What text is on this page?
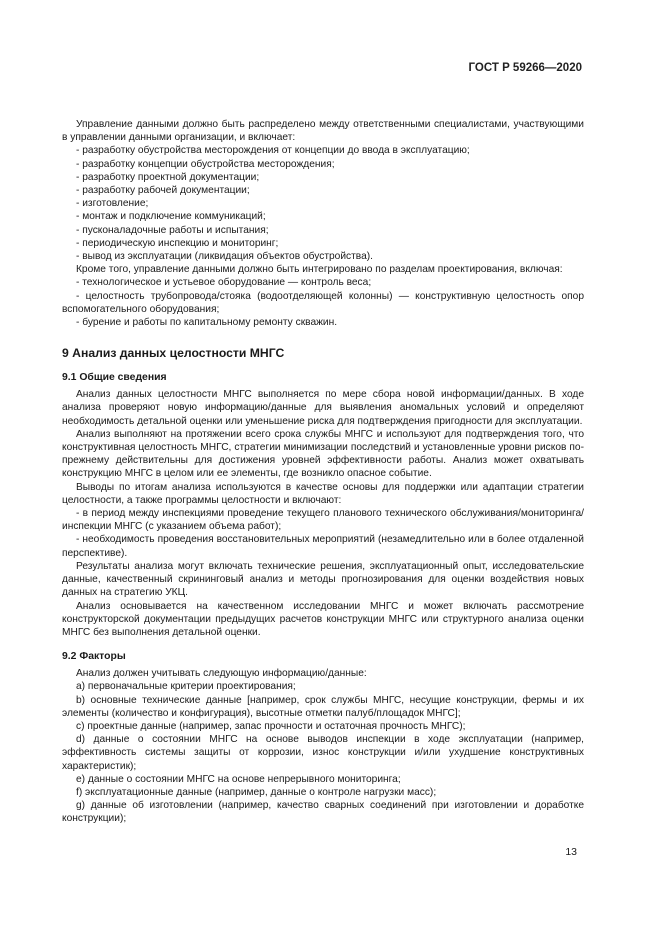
ГОСТ Р 59266—2020

Управление данными должно быть распределено между ответственными специалистами, участвующими в управлении данными организации, и включает:

- разработку обустройства месторождения от концепции до ввода в эксплуатацию;

- разработку концепции обустройства месторождения;

- разработку проектной документации;

- разработку рабочей документации;

- изготовление;

- монтаж и подключение коммуникаций;

- пусконаладочные работы и испытания;

- периодическую инспекцию и мониторинг;

- вывод из эксплуатации (ликвидация объектов обустройства).

Кроме того, управление данными должно быть интегрировано по разделам проектирования, включая:

- технологическое и устьевое оборудование — контроль веса;

- целостность трубопровода/стояка (водоотделяющей колонны) — конструктивную целостность опор вспомогательного оборудования;

- бурение и работы по капитальному ремонту скважин.

9 Анализ данных целостности МНГС
9.1 Общие сведения

Анализ данных целостности МНГС выполняется по мере сбора новой информации/данных. В ходе анализа проверяют новую информацию/данные для выявления аномальных условий и определяют необходимость детальной оценки или уменьшение риска для подтверждения пригодности для эксплуатации.

Анализ выполняют на протяжении всего срока службы МНГС и используют для подтверждения того, что конструктивная целостность МНГС, стратегии минимизации последствий и установленные уровни рисков по-прежнему действительны для достижения уровней эффективности работы. Анализ может охватывать конструкцию МНГС в целом или ее элементы, где возникло опасное событие.

Выводы по итогам анализа используются в качестве основы для поддержки или адаптации стратегии целостности, а также программы целостности и включают:

- в период между инспекциями проведение текущего планового технического обслуживания/мониторинга/инспекции МНГС (с указанием объема работ);

- необходимость проведения восстановительных мероприятий (незамедлительно или в более отдаленной перспективе).

Результаты анализа могут включать технические решения, эксплуатационный опыт, исследовательские данные, качественный скрининговый анализ и методы прогнозирования для оценки воздействия новых данных на стратегию УКЦ.

Анализ основывается на качественном исследовании МНГС и может включать рассмотрение конструкторской документации предыдущих расчетов конструкции МНГС или структурного анализа оценки МНГС без выполнения детальной оценки.

9.2 Факторы

Анализ должен учитывать следующую информацию/данные:

a) первоначальные критерии проектирования;

b) основные технические данные [например, срок службы МНГС, несущие конструкции, фермы и их элементы (количество и конфигурация), высотные отметки палуб/площадок МНГС];

c) проектные данные (например, запас прочности и остаточная прочность МНГС);

d) данные о состоянии МНГС на основе выводов инспекции в ходе эксплуатации (например, эффективность системы защиты от коррозии, износ конструкции и/или ухудшение конструктивных характеристик);

e) данные о состоянии МНГС на основе непрерывного мониторинга;

f) эксплуатационные данные (например, данные о контроле нагрузки масс);

g) данные об изготовлении (например, качество сварных соединений при изготовлении и доработке конструкции);

13
